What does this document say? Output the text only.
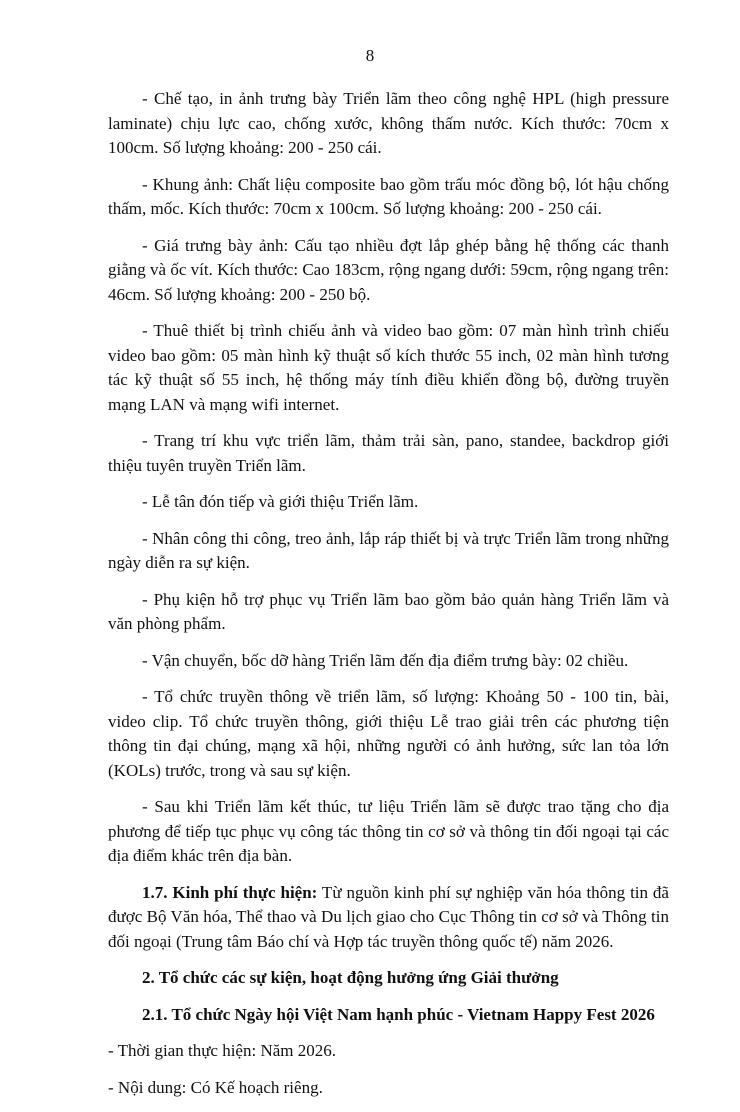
8

- Chế tạo, in ảnh trưng bày Triển lãm theo công nghệ HPL (high pressure laminate) chịu lực cao, chống xước, không thấm nước. Kích thước: 70cm x 100cm. Số lượng khoảng: 200 - 250 cái.

- Khung ảnh: Chất liệu composite bao gồm trấu móc đồng bộ, lót hậu chống thấm, mốc. Kích thước: 70cm x 100cm. Số lượng khoảng: 200 - 250 cái.

- Giá trưng bày ảnh: Cấu tạo nhiều đợt lắp ghép bằng hệ thống các thanh giằng và ốc vít. Kích thước: Cao 183cm, rộng ngang dưới: 59cm, rộng ngang trên: 46cm. Số lượng khoảng: 200 - 250 bộ.

- Thuê thiết bị trình chiếu ảnh và video bao gồm: 07 màn hình trình chiếu video bao gồm: 05 màn hình kỹ thuật số kích thước 55 inch, 02 màn hình tương tác kỹ thuật số 55 inch, hệ thống máy tính điều khiển đồng bộ, đường truyền mạng LAN và mạng wifi internet.

- Trang trí khu vực triển lãm, thảm trải sàn, pano, standee, backdrop giới thiệu tuyên truyền Triển lãm.

- Lễ tân đón tiếp và giới thiệu Triển lãm.

- Nhân công thi công, treo ảnh, lắp ráp thiết bị và trực Triển lãm trong những ngày diễn ra sự kiện.

- Phụ kiện hỗ trợ phục vụ Triển lãm bao gồm bảo quản hàng Triển lãm và văn phòng phẩm.

- Vận chuyển, bốc dỡ hàng Triển lãm đến địa điểm trưng bày: 02 chiều.

- Tổ chức truyền thông về triển lãm, số lượng: Khoảng 50 - 100 tin, bài, video clip. Tổ chức truyền thông, giới thiệu Lễ trao giải trên các phương tiện thông tin đại chúng, mạng xã hội, những người có ảnh hưởng, sức lan tỏa lớn (KOLs) trước, trong và sau sự kiện.

- Sau khi Triển lãm kết thúc, tư liệu Triển lãm sẽ được trao tặng cho địa phương để tiếp tục phục vụ công tác thông tin cơ sở và thông tin đối ngoại tại các địa điểm khác trên địa bàn.

1.7. Kinh phí thực hiện: Từ nguồn kinh phí sự nghiệp văn hóa thông tin đã được Bộ Văn hóa, Thể thao và Du lịch giao cho Cục Thông tin cơ sở và Thông tin đối ngoại (Trung tâm Báo chí và Hợp tác truyền thông quốc tế) năm 2026.

2. Tổ chức các sự kiện, hoạt động hưởng ứng Giải thưởng

2.1. Tổ chức Ngày hội Việt Nam hạnh phúc - Vietnam Happy Fest 2026

- Thời gian thực hiện: Năm 2026.

- Nội dung: Có Kế hoạch riêng.
